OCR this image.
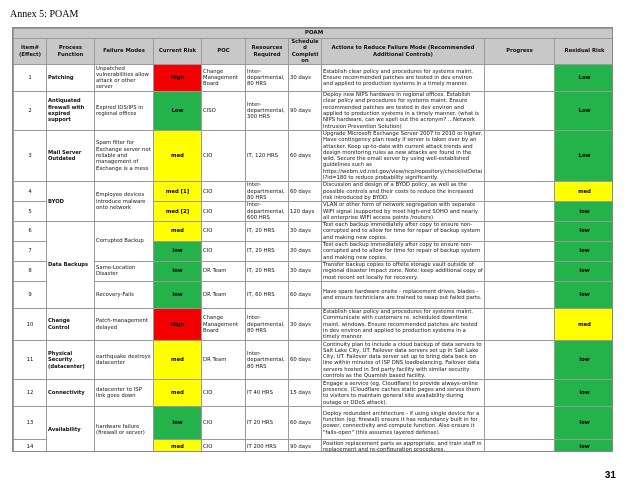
Annex 5: POAM
POAM									
Item# (Effect)	Process Function	Failure Modes	Current Risk	POC	Resources Required	Scheduled Completion	Actions to Reduce Failure Mode (Recommended Additional Controls)	Progress	Residual Risk
1	Patching	Unpatched vulnerabilities allow attack or other server	High	Change Management Board	Inter-departmental, 80 HRS	30 days	Establish clear policy and procedures for systems maint. Ensure recommended patches are tested in dev environ and applied to production systems in a timely manner.		Low
2	Antiquated firewall with expired support	Expired IDS/IPS in regional offices	Low	CISO	Inter-departmental, 300 HRS	90 days	Deploy new NIPS hardware in regional offices. Establish clear policy and procedures for systems maint. Ensure recommended patches are tested in dev environ and applied to production systems in a timely manner. (what is NIPS hardware, can we spell out the acronym? ...Network Intrusion Prevention Solution)		Low
3	Mail Server Outdated	Spam filter for Exchange server not reliable and management of Exchange is a mess	med	CIO	IT, 120 HRS	60 days	Upgrade Microsoft Exchange Server 2007 to 2010 or higher. Have contingency plan ready if server is taken over by an attacker. Keep up-to-date with current attack trends and design monitoring rules as new attacks are found in the wild. Secure the email server by using well-established guidelines such as https://webm.vd.nist.gov/view/ncp/repository/checklistDetail?id=180 to reduce probability significantly.		Low
4	BYOD	Employee devices introduce malware onto network	med [1]	CIO	Inter-departmental, 80 HRS	60 days	Discussion and design of a BYOD policy, as well as the possible controls and their costs to reduce the increased risk introduced by BYOD.		med
5			med [2]	CIO	Inter-departmental, 600 HRS	120 days	VLAN or other form of network segregation with separate WIFI signal (supported by most high-end SOHO and nearly all enterprise WIFI access points /routers)		low
6	Data Backups	Corrupted Backup	med	CIO	IT, 20 HRS	30 days	Test each backup immediately after copy to ensure non-corrupted and to allow for time for repair of backup system and making new copies.		low
7			low	CIO	IT, 20 HRS	30 days	Test each backup immediately after copy to ensure non-corrupted and to allow for time for repair of backup system and making new copies.		low
8		Same-Location Disaster	low	DR Team	IT, 20 HRS	30 days	Transfer backup copies to offsite storage vault outside of regional disaster impact zone. Note: keep additional copy of most recent set locally for recovery.		low
9		Recovery-Fails	low	DR Team	IT, 60 HRS	60 days	Have spare hardware onsite - replacement drives, blades - and ensure technicians are trained to swap out failed parts.		low
10	Change Control	Patch-management delayed	High	Change Management Board	Inter-departmental, 80 HRS	30 days	Establish clear policy and procedures for systems maint. Communicate with customers re. scheduled downtime maint. windows. Ensure recommended patches are tested in dev environ and applied to production systems in a timely manner.		med
11	Physical Security (datacenter)	earthquake destroys datacenter	med	DR Team	Inter-departmental, 80 HRS	60 days	Continuity plan to include a cloud backup of data servers to Salt Lake City, UT. Failover data servers set up in Salt Lake City, UT. Failover data server set up to bring data back on line within minutes of ISP DNS loadbalancing. Failover data servers hosted in 3rd party facility with similar security controls as the Quamish based facility.		low
12	Connectivity	datacenter to ISP link goes down	med	CIO	IT 40 HRS	15 days	Engage a service (eg. Cloudflare) to provide always-online presence. (Cloudflare caches static pages and serves them to visitors to maintain general site availability during outage or DDoS attack).		low
13	Availability	hardware failure (firewall or server)	low	CIO	IT 20 HRS	60 days	Deploy redundant architecture - if using single device for a function (eg. firewall) ensure it has redundancy built in for power, connectivity and compute function. Also ensure it "fails-open" (this assumes layered defense).		low
14			med	CIO	IT 200 HRS	90 days	Position replacement parts as appropriate, and train staff in replacement and re-configuration procedures.		low
31
